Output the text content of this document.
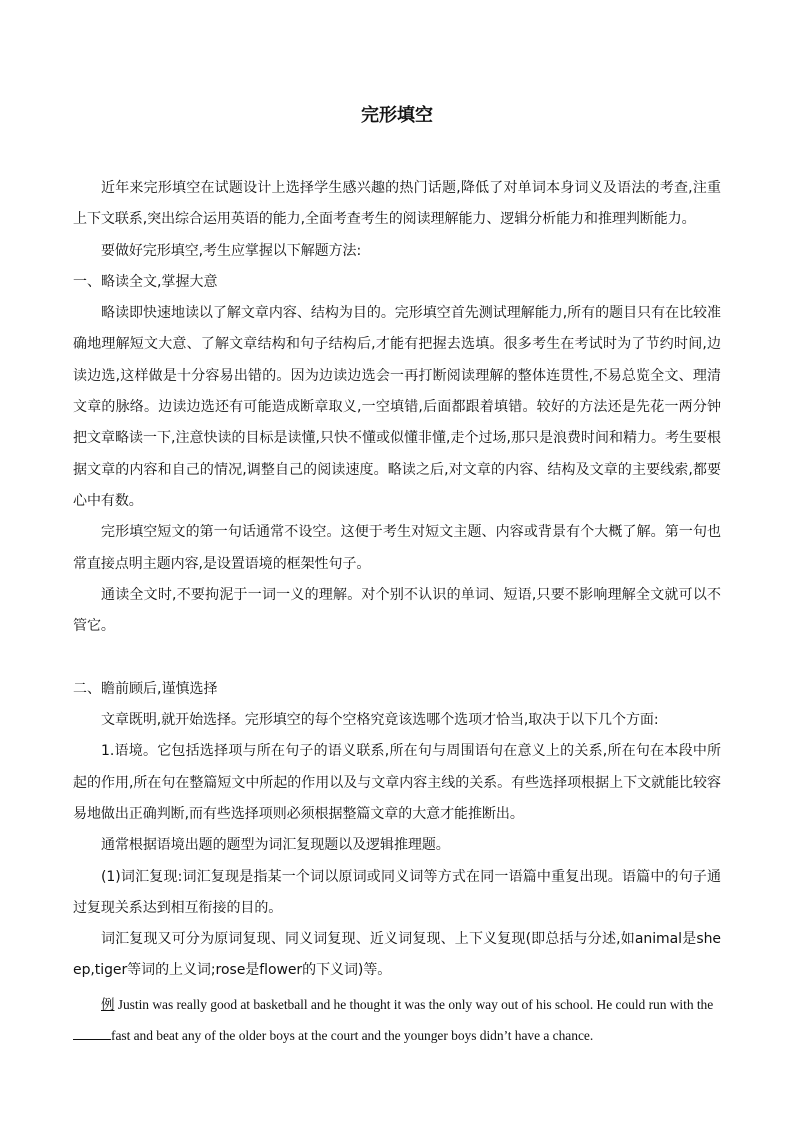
完形填空

近年来完形填空在试题设计上选择学生感兴趣的热门话题,降低了对单词本身词义及语法的考查,注重上下文联系,突出综合运用英语的能力,全面考查考生的阅读理解能力、逻辑分析能力和推理判断能力。

要做好完形填空,考生应掌握以下解题方法:

一、略读全文,掌握大意

略读即快速地读以了解文章内容、结构为目的。完形填空首先测试理解能力,所有的题目只有在比较准确地理解短文大意、了解文章结构和句子结构后,才能有把握去选填。很多考生在考试时为了节约时间,边读边选,这样做是十分容易出错的。因为边读边选会一再打断阅读理解的整体连贯性,不易总览全文、理清文章的脉络。边读边选还有可能造成断章取义,一空填错,后面都跟着填错。较好的方法还是先花一两分钟把文章略读一下,注意快读的目标是读懂,只快不懂或似懂非懂,走个过场,那只是浪费时间和精力。考生要根据文章的内容和自己的情况,调整自己的阅读速度。略读之后,对文章的内容、结构及文章的主要线索,都要心中有数。

完形填空短文的第一句话通常不设空。这便于考生对短文主题、内容或背景有个大概了解。第一句也常直接点明主题内容,是设置语境的框架性句子。

通读全文时,不要拘泥于一词一义的理解。对个别不认识的单词、短语,只要不影响理解全文就可以不管它。

二、瞻前顾后,谨慎选择

文章既明,就开始选择。完形填空的每个空格究竟该选哪个选项才恰当,取决于以下几个方面:

1.语境。它包括选择项与所在句子的语义联系,所在句与周围语句在意义上的关系,所在句在本段中所起的作用,所在句在整篇短文中所起的作用以及与文章内容主线的关系。有些选择项根据上下文就能比较容易地做出正确判断,而有些选择项则必须根据整篇文章的大意才能推断出。

通常根据语境出题的题型为词汇复现题以及逻辑推理题。

(1)词汇复现:词汇复现是指某一个词以原词或同义词等方式在同一语篇中重复出现。语篇中的句子通过复现关系达到相互衔接的目的。

词汇复现又可分为原词复现、同义词复现、近义词复现、上下义复现(即总括与分述,如animal是sheep,tiger等词的上义词;rose是flower的下义词)等。

例 Justin was really good at basketball and he thought it was the only way out of his school. He could run with thefast and beat any of the older boys at the court and the younger boys didn’t have a chance.
